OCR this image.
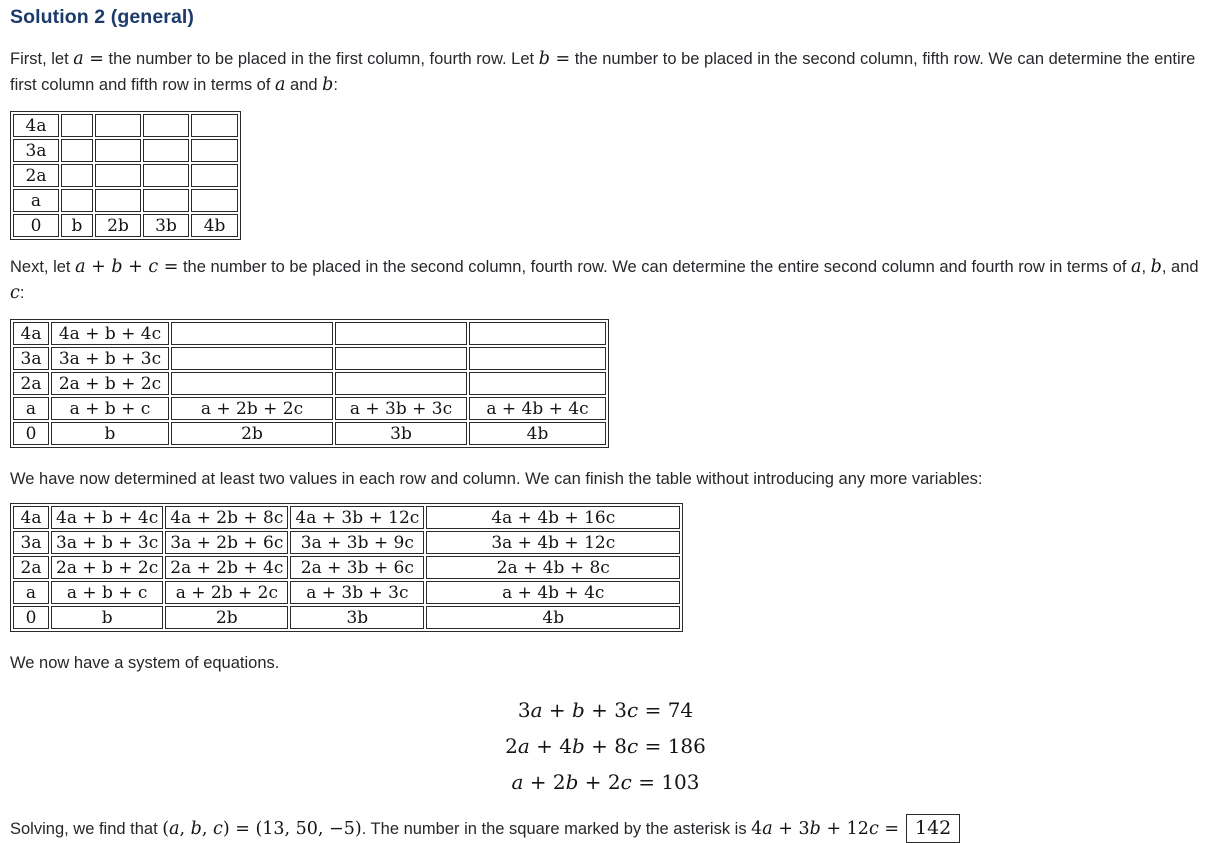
Solution 2 (general)

First, let a = the number to be placed in the first column, fourth row. Let b = the number to be placed in the second column, fifth row. We can determine the entire first column and fifth row in terms of a and b:

4a				
3a				
2a				
a				
0	b	2b	3b	4b

Next, let a + b + c = the number to be placed in the second column, fourth row. We can determine the entire second column and fourth row in terms of a, b, and c:

4a	4a + b + 4c			
3a	3a + b + 3c			
2a	2a + b + 2c			
a	a + b + c	a + 2b + 2c	a + 3b + 3c	a + 4b + 4c
0	b	2b	3b	4b

We have now determined at least two values in each row and column. We can finish the table without introducing any more variables:

4a	4a + b + 4c	4a + 2b + 8c	4a + 3b + 12c	4a + 4b + 16c
3a	3a + b + 3c	3a + 2b + 6c	3a + 3b + 9c	3a + 4b + 12c
2a	2a + b + 2c	2a + 2b + 4c	2a + 3b + 6c	2a + 4b + 8c
a	a + b + c	a + 2b + 2c	a + 3b + 3c	a + 4b + 4c
0	b	2b	3b	4b

We now have a system of equations.

3a + b + 3c = 74
2a + 4b + 8c = 186
a + 2b + 2c = 103

Solving, we find that (a, b, c) = (13, 50, −5). The number in the square marked by the asterisk is 4a + 3b + 12c = 142
